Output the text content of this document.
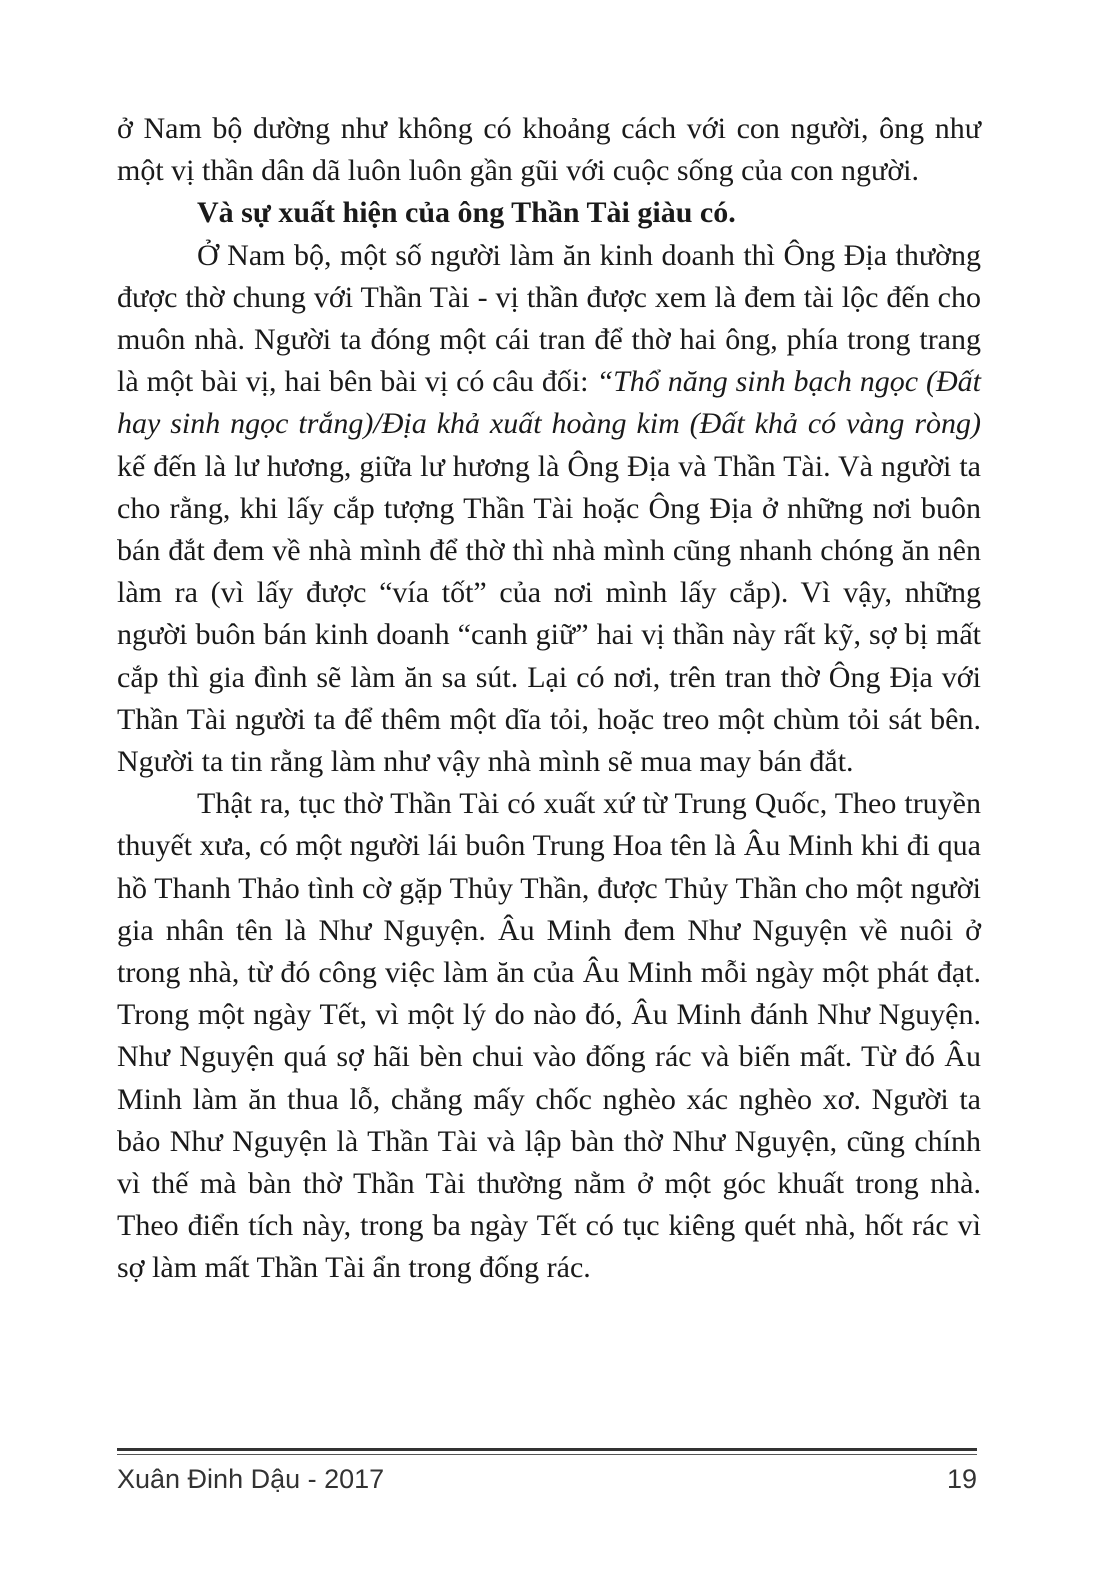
ở Nam bộ dường như không có khoảng cách với con người, ông như một vị thần dân dã luôn luôn gần gũi với cuộc sống của con người.

Và sự xuất hiện của ông Thần Tài giàu có.

Ở Nam bộ, một số người làm ăn kinh doanh thì Ông Địa thường được thờ chung với Thần Tài - vị thần được xem là đem tài lộc đến cho muôn nhà. Người ta đóng một cái tran để thờ hai ông, phía trong trang là một bài vị, hai bên bài vị có câu đối: “Thổ năng sinh bạch ngọc (Đất hay sinh ngọc trắng)/Địa khả xuất hoàng kim (Đất khả có vàng ròng) kế đến là lư hương, giữa lư hương là Ông Địa và Thần Tài. Và người ta cho rằng, khi lấy cắp tượng Thần Tài hoặc Ông Địa ở những nơi buôn bán đắt đem về nhà mình để thờ thì nhà mình cũng nhanh chóng ăn nên làm ra (vì lấy được “vía tốt” của nơi mình lấy cắp). Vì vậy, những người buôn bán kinh doanh “canh giữ” hai vị thần này rất kỹ, sợ bị mất cắp thì gia đình sẽ làm ăn sa sút. Lại có nơi, trên tran thờ Ông Địa với Thần Tài người ta để thêm một dĩa tỏi, hoặc treo một chùm tỏi sát bên. Người ta tin rằng làm như vậy nhà mình sẽ mua may bán đắt.

Thật ra, tục thờ Thần Tài có xuất xứ từ Trung Quốc, Theo truyền thuyết xưa, có một người lái buôn Trung Hoa tên là Âu Minh khi đi qua hồ Thanh Thảo tình cờ gặp Thủy Thần, được Thủy Thần cho một người gia nhân tên là Như Nguyện. Âu Minh đem Như Nguyện về nuôi ở trong nhà, từ đó công việc làm ăn của Âu Minh mỗi ngày một phát đạt. Trong một ngày Tết, vì một lý do nào đó, Âu Minh đánh Như Nguyện. Như Nguyện quá sợ hãi bèn chui vào đống rác và biến mất. Từ đó Âu Minh làm ăn thua lỗ, chẳng mấy chốc nghèo xác nghèo xơ. Người ta bảo Như Nguyện là Thần Tài và lập bàn thờ Như Nguyện, cũng chính vì thế mà bàn thờ Thần Tài thường nằm ở một góc khuất trong nhà. Theo điển tích này, trong ba ngày Tết có tục kiêng quét nhà, hốt rác vì sợ làm mất Thần Tài ẩn trong đống rác.

Xuân Đinh Dậu - 2017	19
